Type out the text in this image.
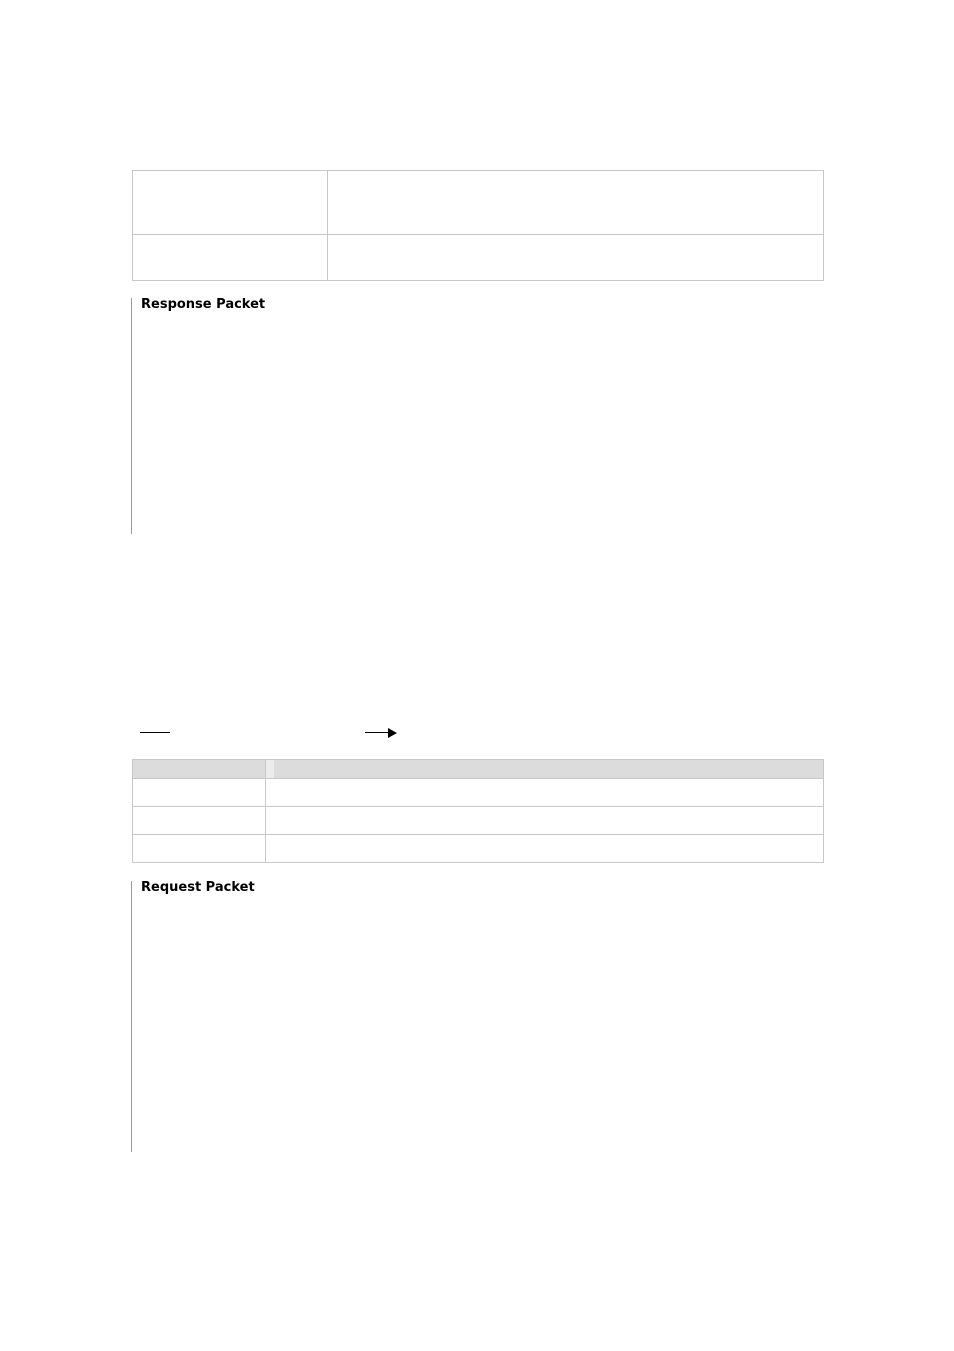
Response Packet
Request Packet
